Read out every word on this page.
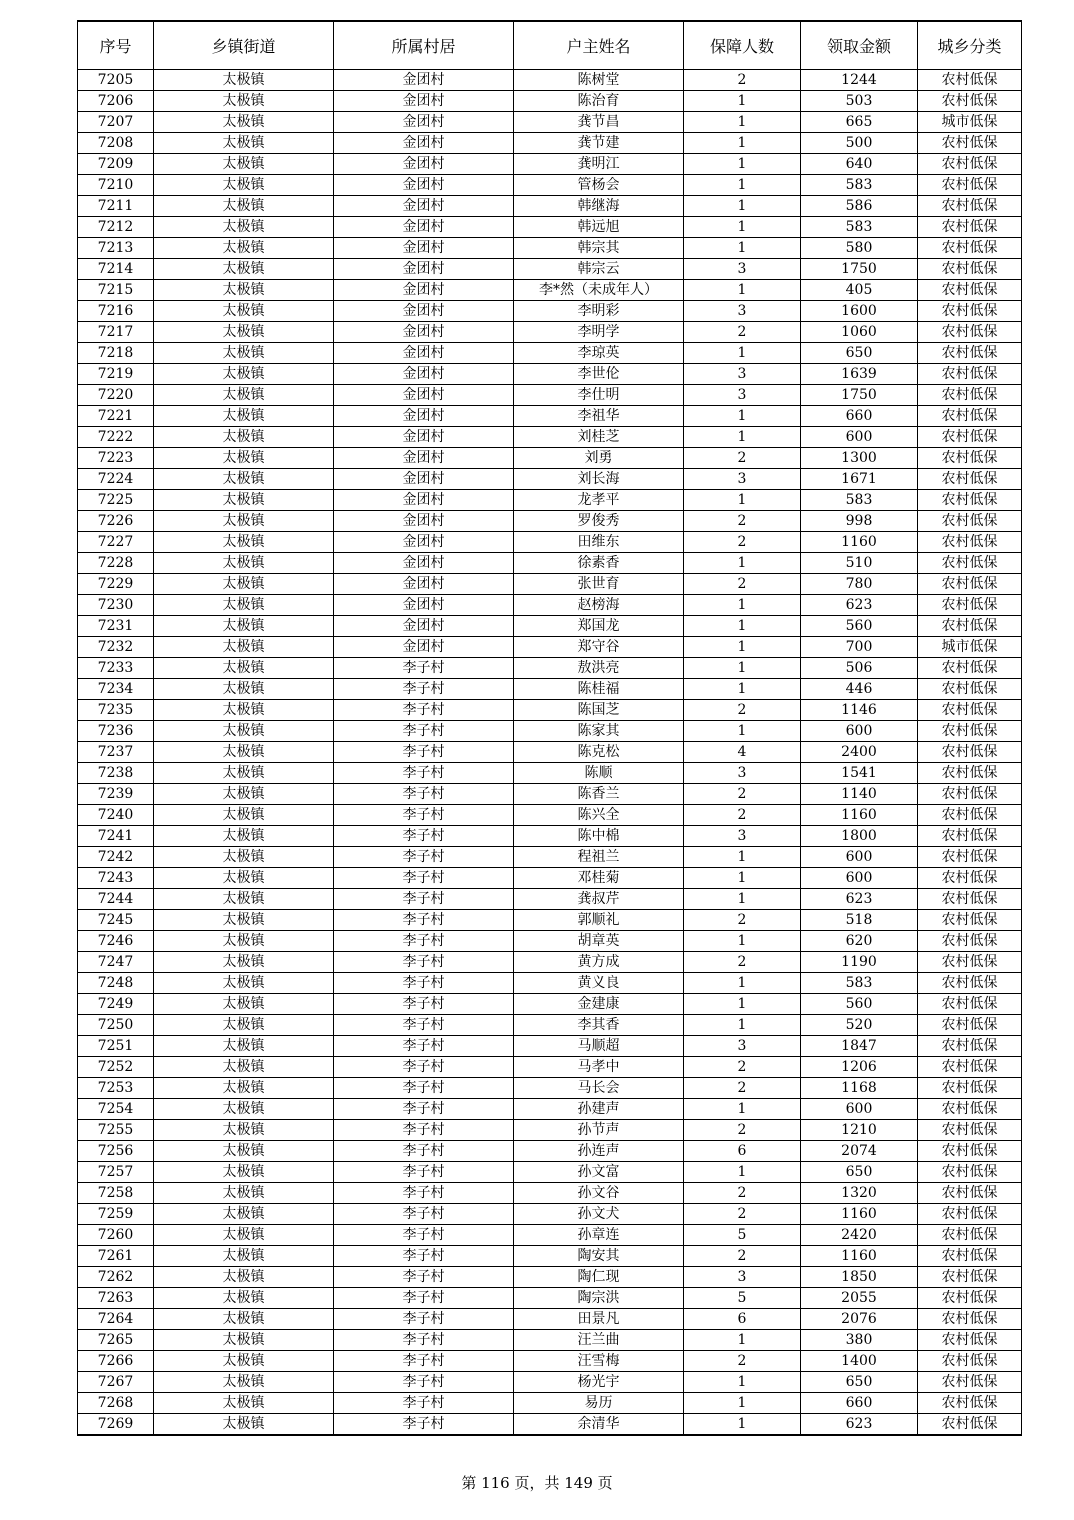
序号	乡镇街道	所属村居	户主姓名	保障人数	领取金额	城乡分类
7205	太极镇	金团村	陈树堂	2	1244	农村低保
7206	太极镇	金团村	陈治育	1	503	农村低保
7207	太极镇	金团村	龚节昌	1	665	城市低保
7208	太极镇	金团村	龚节建	1	500	农村低保
7209	太极镇	金团村	龚明江	1	640	农村低保
7210	太极镇	金团村	管杨会	1	583	农村低保
7211	太极镇	金团村	韩继海	1	586	农村低保
7212	太极镇	金团村	韩远旭	1	583	农村低保
7213	太极镇	金团村	韩宗其	1	580	农村低保
7214	太极镇	金团村	韩宗云	3	1750	农村低保
7215	太极镇	金团村	李*然（未成年人）	1	405	农村低保
7216	太极镇	金团村	李明彩	3	1600	农村低保
7217	太极镇	金团村	李明学	2	1060	农村低保
7218	太极镇	金团村	李琼英	1	650	农村低保
7219	太极镇	金团村	李世伦	3	1639	农村低保
7220	太极镇	金团村	李仕明	3	1750	农村低保
7221	太极镇	金团村	李祖华	1	660	农村低保
7222	太极镇	金团村	刘桂芝	1	600	农村低保
7223	太极镇	金团村	刘勇	2	1300	农村低保
7224	太极镇	金团村	刘长海	3	1671	农村低保
7225	太极镇	金团村	龙孝平	1	583	农村低保
7226	太极镇	金团村	罗俊秀	2	998	农村低保
7227	太极镇	金团村	田维东	2	1160	农村低保
7228	太极镇	金团村	徐素香	1	510	农村低保
7229	太极镇	金团村	张世育	2	780	农村低保
7230	太极镇	金团村	赵榜海	1	623	农村低保
7231	太极镇	金团村	郑国龙	1	560	农村低保
7232	太极镇	金团村	郑守谷	1	700	城市低保
7233	太极镇	李子村	敖洪亮	1	506	农村低保
7234	太极镇	李子村	陈桂福	1	446	农村低保
7235	太极镇	李子村	陈国芝	2	1146	农村低保
7236	太极镇	李子村	陈家其	1	600	农村低保
7237	太极镇	李子村	陈克松	4	2400	农村低保
7238	太极镇	李子村	陈顺	3	1541	农村低保
7239	太极镇	李子村	陈香兰	2	1140	农村低保
7240	太极镇	李子村	陈兴全	2	1160	农村低保
7241	太极镇	李子村	陈中棉	3	1800	农村低保
7242	太极镇	李子村	程祖兰	1	600	农村低保
7243	太极镇	李子村	邓桂菊	1	600	农村低保
7244	太极镇	李子村	龚叔芹	1	623	农村低保
7245	太极镇	李子村	郭顺礼	2	518	农村低保
7246	太极镇	李子村	胡章英	1	620	农村低保
7247	太极镇	李子村	黄方成	2	1190	农村低保
7248	太极镇	李子村	黄义良	1	583	农村低保
7249	太极镇	李子村	金建康	1	560	农村低保
7250	太极镇	李子村	李其香	1	520	农村低保
7251	太极镇	李子村	马顺超	3	1847	农村低保
7252	太极镇	李子村	马孝中	2	1206	农村低保
7253	太极镇	李子村	马长会	2	1168	农村低保
7254	太极镇	李子村	孙建声	1	600	农村低保
7255	太极镇	李子村	孙节声	2	1210	农村低保
7256	太极镇	李子村	孙连声	6	2074	农村低保
7257	太极镇	李子村	孙文富	1	650	农村低保
7258	太极镇	李子村	孙文谷	2	1320	农村低保
7259	太极镇	李子村	孙文犬	2	1160	农村低保
7260	太极镇	李子村	孙章连	5	2420	农村低保
7261	太极镇	李子村	陶安其	2	1160	农村低保
7262	太极镇	李子村	陶仁现	3	1850	农村低保
7263	太极镇	李子村	陶宗洪	5	2055	农村低保
7264	太极镇	李子村	田景凡	6	2076	农村低保
7265	太极镇	李子村	汪兰曲	1	380	农村低保
7266	太极镇	李子村	汪雪梅	2	1400	农村低保
7267	太极镇	李子村	杨光宇	1	650	农村低保
7268	太极镇	李子村	易历	1	660	农村低保
7269	太极镇	李子村	余清华	1	623	农村低保
第 116 页，共 149 页
